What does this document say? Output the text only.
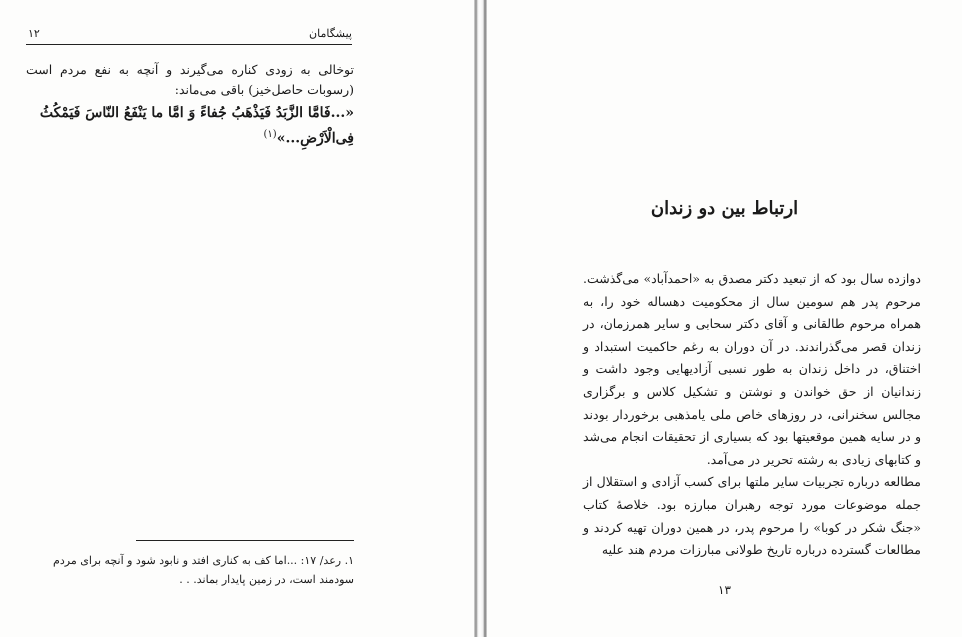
پیشگامان
۱۲
توخالی به زودی کناره می‌گیرند و آنچه به نفع مردم است (رسوبات حاصل‌خیز) باقی می‌ماند:
«...فَامَّا الزَّبَدُ فَیَذْهَبُ جُفاءً وَ امَّا ما یَنْفَعُ النّاسَ فَیَمْکُثُ فِی‌الْاَرْضِ...»$^{(۱)}$
۱. رعد/ ۱۷: ...اما کف به کناری افتد و نابود شود و آنچه برای مردم سودمند است، در زمین پایدار بماند. . .
ارتباط بین دو زندان

دوازده سال بود که از تبعید دکتر مصدق به «احمدآباد» می‌گذشت. مرحوم پدر هم سومین سال از محکومیت دهساله خود را، به همراه مرحوم طالقانی و آقای دکتر سحابی و سایر همرزمان، در زندان قصر می‌گذراندند. در آن دوران به رغم حاکمیت استبداد و اختناق، در داخل زندان به طور نسبی آزادیهایی وجود داشت و زندانیان از حق خواندن و نوشتن و تشکیل کلاس و برگزاری مجالس سخنرانی، در روزهای خاص ملی یامذهبی برخوردار بودند و در سایه همین موقعیتها بود که بسیاری از تحقیقات انجام می‌شد و کتابهای زیادی به رشته تحریر در می‌آمد.

مطالعه درباره تجربیات سایر ملتها برای کسب آزادی و استقلال از جمله موضوعات مورد توجه رهبران مبارزه بود. خلاصهٔ کتاب «جنگ شکر در کوبا» را مرحوم پدر، در همین دوران تهیه کردند و مطالعات گسترده درباره تاریخ طولانی مبارزات مردم هند علیه

۱۳
